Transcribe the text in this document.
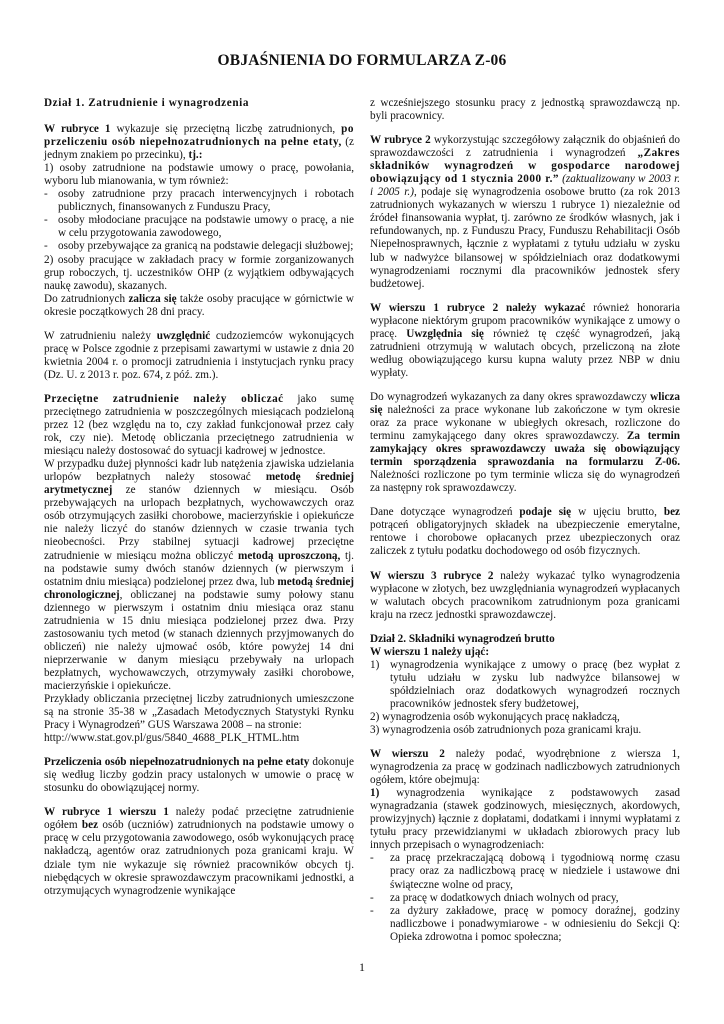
OBJAŚNIENIA DO FORMULARZA Z-06
Dział 1. Zatrudnienie i wynagrodzenia

W rubryce 1 wykazuje się przeciętną liczbę zatrudnionych, po przeliczeniu osób niepełnozatrudnionych na pełne etaty, (z jednym znakiem po przecinku), tj.:
1) osoby zatrudnione na podstawie umowy o pracę, powołania, wyboru lub mianowania, w tym również:

- osoby zatrudnione przy pracach interwencyjnych i robotach publicznych, finansowanych z Funduszu Pracy,
- osoby młodociane pracujące na podstawie umowy o pracę, a nie w celu przygotowania zawodowego,
- osoby przebywające za granicą na podstawie delegacji służbowej;

2) osoby pracujące w zakładach pracy w formie zorganizowanych grup roboczych, tj. uczestników OHP (z wyjątkiem odbywających naukę zawodu), skazanych.
Do zatrudnionych zalicza się także osoby pracujące w górnictwie w okresie początkowych 28 dni pracy.

W zatrudnieniu należy uwzględnić cudzoziemców wykonujących pracę w Polsce zgodnie z przepisami zawartymi w ustawie z dnia 20 kwietnia 2004 r. o promocji zatrudnienia i instytucjach rynku pracy (Dz. U. z 2013 r. poz. 674, z póź. zm.).

Przeciętne zatrudnienie należy obliczać jako sumę przeciętnego zatrudnienia w poszczególnych miesiącach podzieloną przez 12 (bez względu na to, czy zakład funkcjonował przez cały rok, czy nie). Metodę obliczania przeciętnego zatrudnienia w miesiącu należy dostosować do sytuacji kadrowej w jednostce.
W przypadku dużej płynności kadr lub natężenia zjawiska udzielania urlopów bezpłatnych należy stosować metodę średniej arytmetycznej ze stanów dziennych w miesiącu. Osób przebywających na urlopach bezpłatnych, wychowawczych oraz osób otrzymujących zasiłki chorobowe, macierzyńskie i opiekuńcze nie należy liczyć do stanów dziennych w czasie trwania tych nieobecności. Przy stabilnej sytuacji kadrowej przeciętne zatrudnienie w miesiącu można obliczyć metodą uproszczoną, tj. na podstawie sumy dwóch stanów dziennych (w pierwszym i ostatnim dniu miesiąca) podzielonej przez dwa, lub metodą średniej chronologicznej, obliczanej na podstawie sumy połowy stanu dziennego w pierwszym i ostatnim dniu miesiąca oraz stanu zatrudnienia w 15 dniu miesiąca podzielonej przez dwa. Przy zastosowaniu tych metod (w stanach dziennych przyjmowanych do obliczeń) nie należy ujmować osób, które powyżej 14 dni nieprzerwanie w danym miesiącu przebywały na urlopach bezpłatnych, wychowawczych, otrzymywały zasiłki chorobowe, macierzyńskie i opiekuńcze.
Przykłady obliczania przeciętnej liczby zatrudnionych umieszczone są na stronie 35-38 w „Zasadach Metodycznych Statystyki Rynku Pracy i Wynagrodzeń” GUS Warszawa 2008 – na stronie:
http://www.stat.gov.pl/gus/5840_4688_PLK_HTML.htm

Przeliczenia osób niepełnozatrudnionych na pełne etaty dokonuje się według liczby godzin pracy ustalonych w umowie o pracę w stosunku do obowiązującej normy.

W rubryce 1 wierszu 1 należy podać przeciętne zatrudnienie ogółem bez osób (uczniów) zatrudnionych na podstawie umowy o pracę w celu przygotowania zawodowego, osób wykonujących pracę nakładczą, agentów oraz zatrudnionych poza granicami kraju. W dziale tym nie wykazuje się również pracowników obcych tj. niebędących w okresie sprawozdawczym pracownikami jednostki, a otrzymujących wynagrodzenie wynikające

z wcześniejszego stosunku pracy z jednostką sprawozdawczą np. byli pracownicy.

W rubryce 2 wykorzystując szczegółowy załącznik do objaśnień do sprawozdawczości z zatrudnienia i wynagrodzeń „Zakres składników wynagrodzeń w gospodarce narodowej obowiązujący od 1 stycznia 2000 r.” (zaktualizowany w 2003 r. i 2005 r.), podaje się wynagrodzenia osobowe brutto (za rok 2013 zatrudnionych wykazanych w wierszu 1 rubryce 1) niezależnie od źródeł finansowania wypłat, tj. zarówno ze środków własnych, jak i refundowanych, np. z Funduszu Pracy, Funduszu Rehabilitacji Osób Niepełnosprawnych, łącznie z wypłatami z tytułu udziału w zysku lub w nadwyżce bilansowej w spółdzielniach oraz dodatkowymi wynagrodzeniami rocznymi dla pracowników jednostek sfery budżetowej.

W wierszu 1 rubryce 2 należy wykazać również honoraria wypłacone niektórym grupom pracowników wynikające z umowy o pracę. Uwzględnia się również tę część wynagrodzeń, jaką zatrudnieni otrzymują w walutach obcych, przeliczoną na złote według obowiązującego kursu kupna waluty przez NBP w dniu wypłaty.

Do wynagrodzeń wykazanych za dany okres sprawozdawczy wlicza się należności za prace wykonane lub zakończone w tym okresie oraz za prace wykonane w ubiegłych okresach, rozliczone do terminu zamykającego dany okres sprawozdawczy. Za termin zamykający okres sprawozdawczy uważa się obowiązujący termin sporządzenia sprawozdania na formularzu Z-06. Należności rozliczone po tym terminie wlicza się do wynagrodzeń za następny rok sprawozdawczy.

Dane dotyczące wynagrodzeń podaje się w ujęciu brutto, bez potrąceń obligatoryjnych składek na ubezpieczenie emerytalne, rentowe i chorobowe opłacanych przez ubezpieczonych oraz zaliczek z tytułu podatku dochodowego od osób fizycznych.

W wierszu 3 rubryce 2 należy wykazać tylko wynagrodzenia wypłacone w złotych, bez uwzględniania wynagrodzeń wypłacanych w walutach obcych pracownikom zatrudnionym poza granicami kraju na rzecz jednostki sprawozdawczej.

Dział 2. Składniki wynagrodzeń brutto
W wierszu 1 należy ująć:

1) wynagrodzenia wynikające z umowy o pracę (bez wypłat z tytułu udziału w zysku lub nadwyżce bilansowej w spółdzielniach oraz dodatkowych wynagrodzeń rocznych pracowników jednostek sfery budżetowej,
2) wynagrodzenia osób wykonujących pracę nakładczą,
3) wynagrodzenia osób zatrudnionych poza granicami kraju.

W wierszu 2 należy podać, wyodrębnione z wiersza 1, wynagrodzenia za pracę w godzinach nadliczbowych zatrudnionych ogółem, które obejmują:
1) wynagrodzenia wynikające z podstawowych zasad wynagradzania (stawek godzinowych, miesięcznych, akordowych, prowizyjnych) łącznie z dopłatami, dodatkami i innymi wypłatami z tytułu pracy przewidzianymi w układach zbiorowych pracy lub innych przepisach o wynagrodzeniach:

- za pracę przekraczającą dobową i tygodniową normę czasu pracy oraz za nadliczbową pracę w niedziele i ustawowe dni świąteczne wolne od pracy,
- za pracę w dodatkowych dniach wolnych od pracy,
- za dyżury zakładowe, pracę w pomocy doraźnej, godziny nadliczbowe i ponadwymiarowe - w odniesieniu do Sekcji Q: Opieka zdrowotna i pomoc społeczna;
1
